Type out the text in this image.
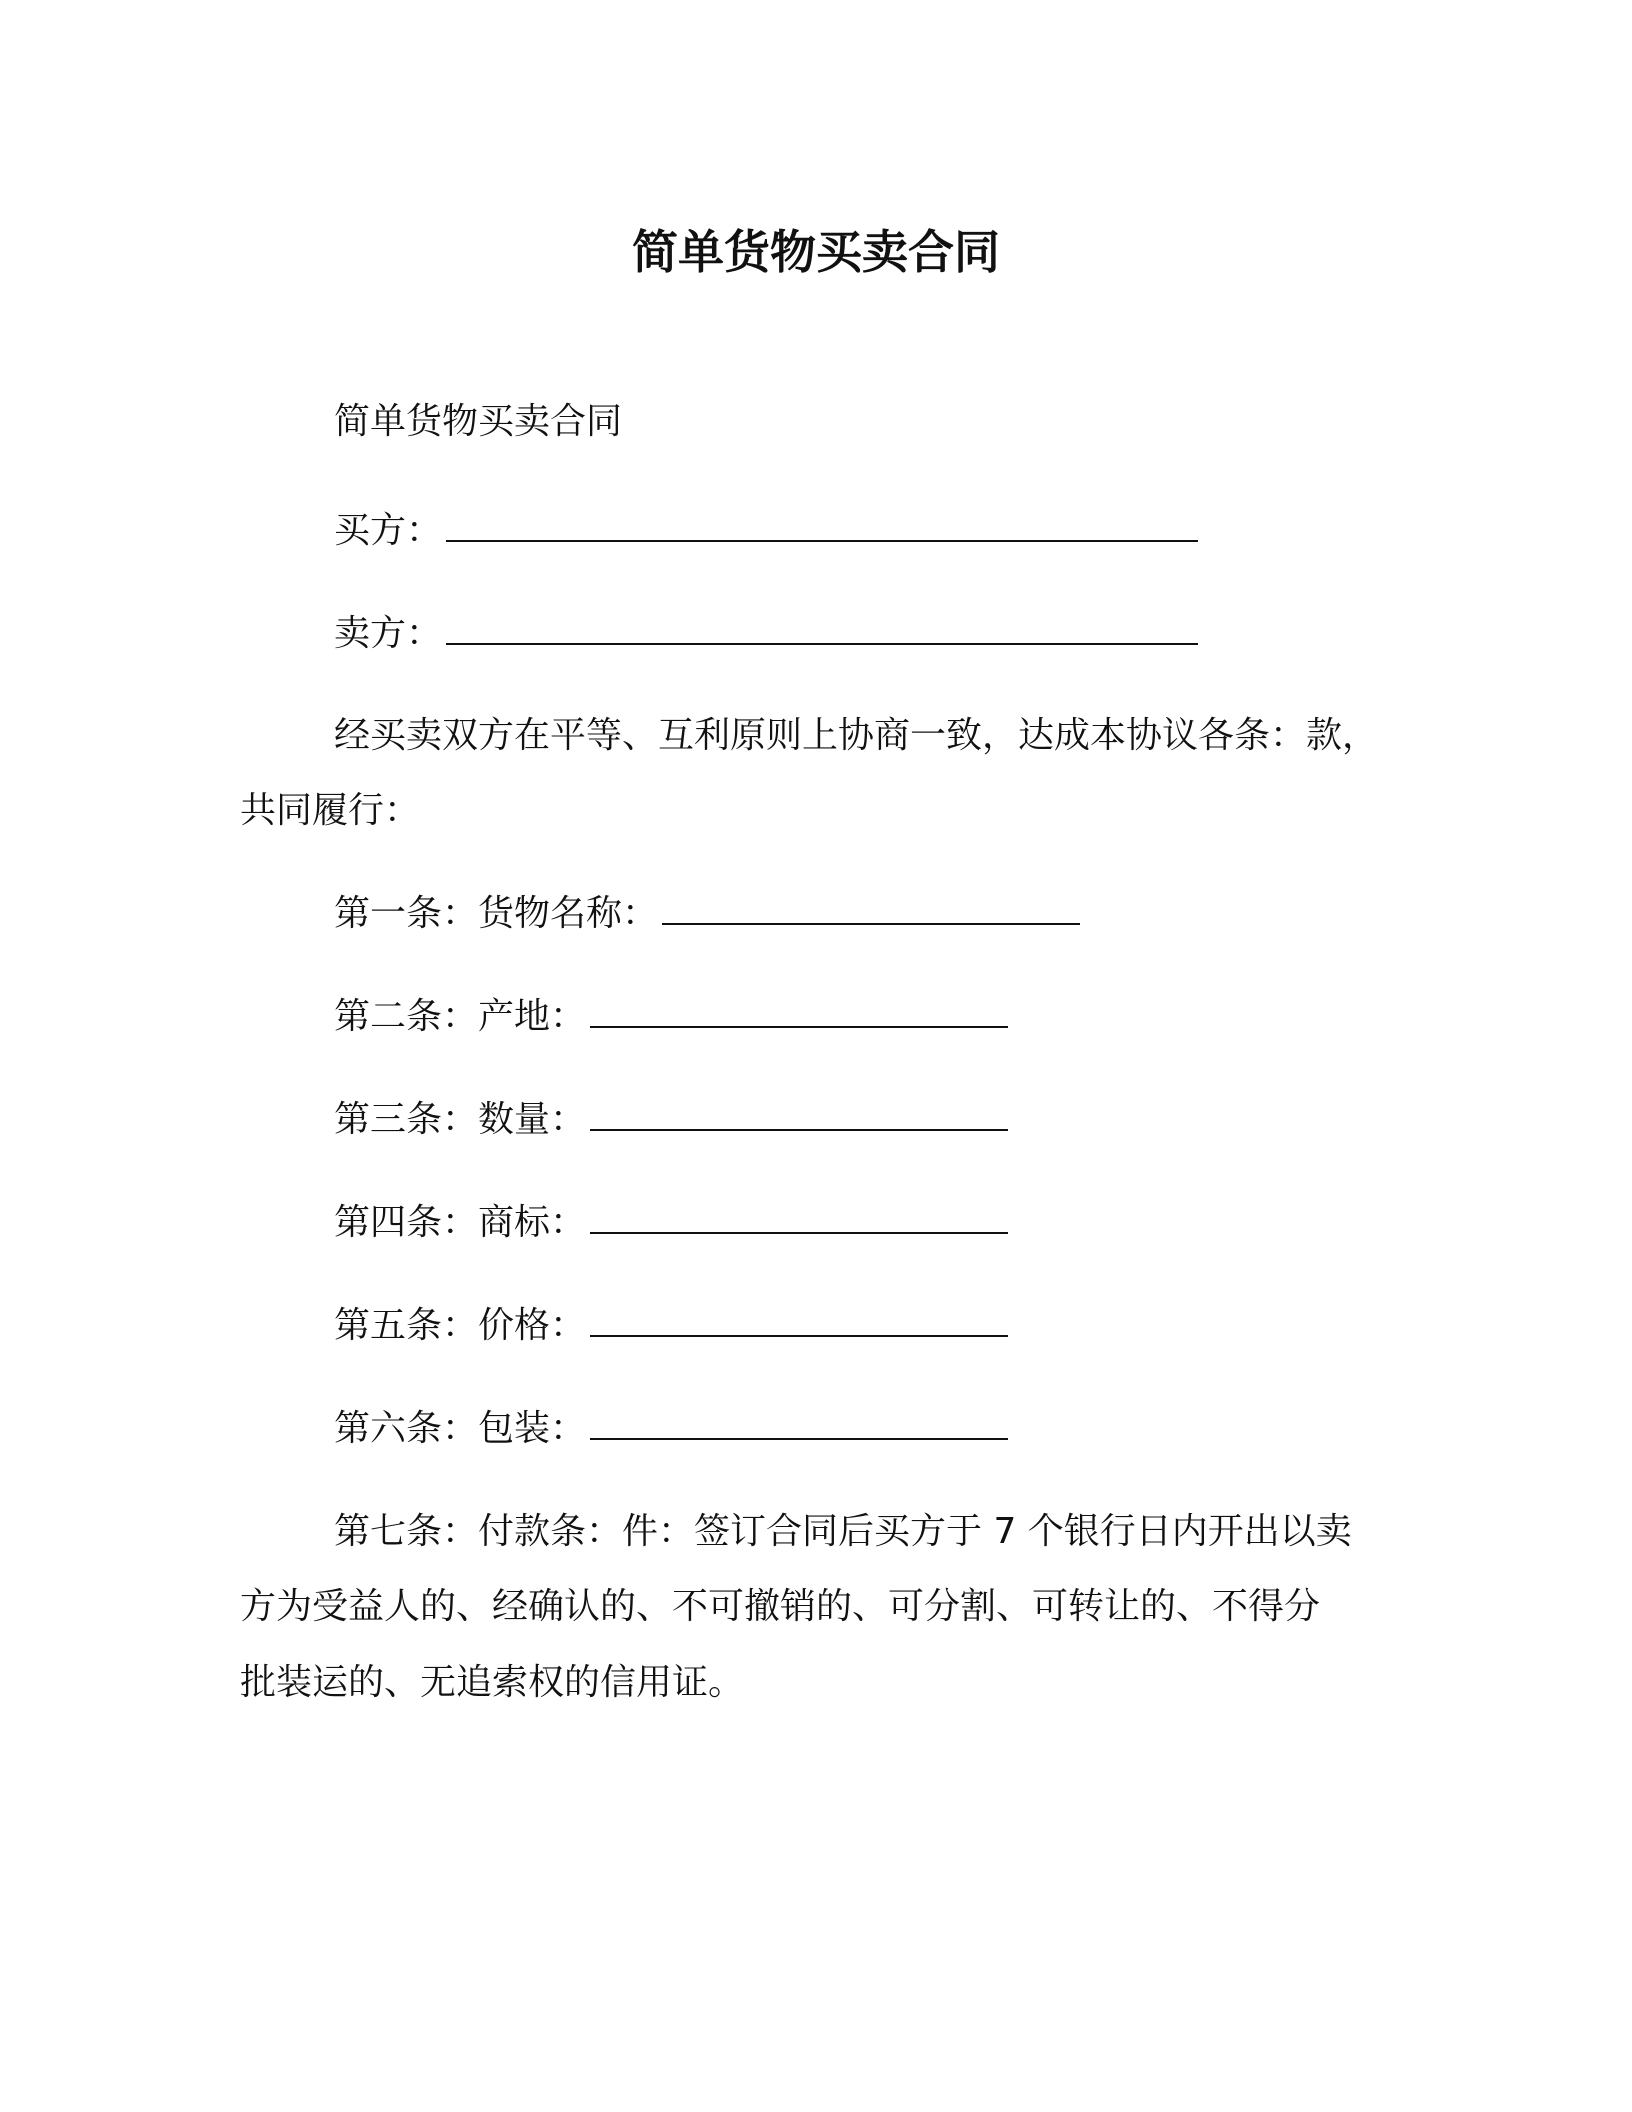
简单货物买卖合同
简单货物买卖合同
买方：
卖方：
经买卖双方在平等、互利原则上协商一致，达成本协议各条：款，
共同履行：
第一条：货物名称：
第二条：产地：
第三条：数量：
第四条：商标：
第五条：价格：
第六条：包装：
第七条：付款条：件：签订合同后买方于 7 个银行日内开出以卖
方为受益人的、经确认的、不可撤销的、可分割、可转让的、不得分
批装运的、无追索权的信用证。
